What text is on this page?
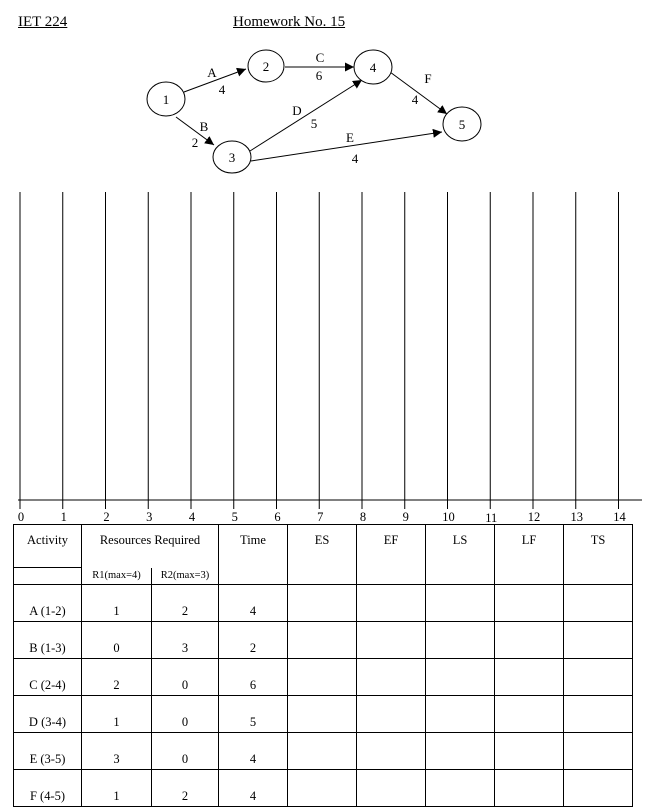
IET 224	Homework No. 15
1
2
3
4
5
A
4
B
2
C
6
D
5
E
4
F
4
0	1	2	3	4	5	6	7	8	9	10 11 12 13 14
Activity	Resources Required		Time	ES	EF	LS	LF	TS

	R1(max=4)	R2(max=3)						
A (1-2)	1	2	4					
B (1-3)	0	3	2					
C (2-4)	2	0	6					
D (3-4)	1	0	5					
E (3-5)	3	0	4					
F (4-5)	1	2	4					
